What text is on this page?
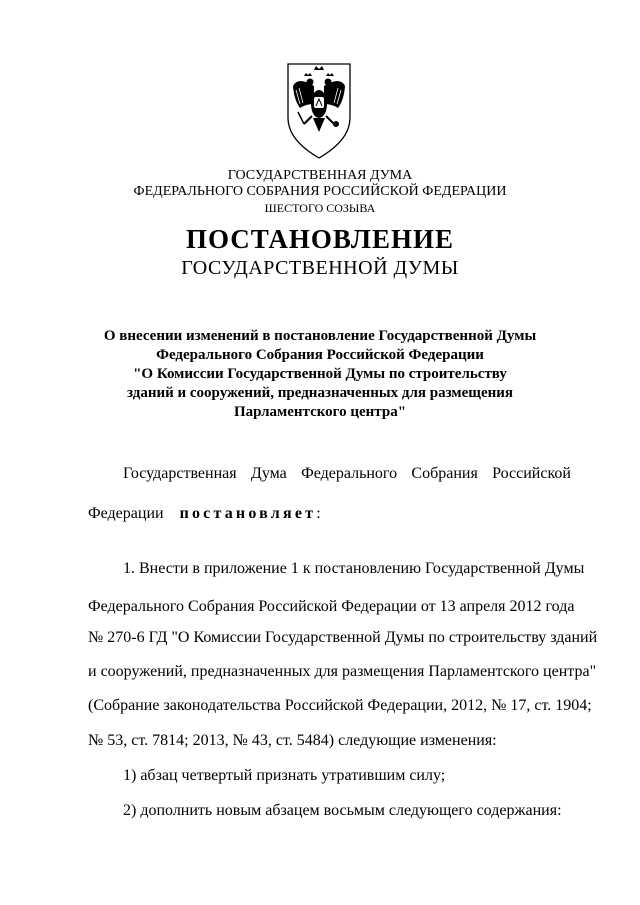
ГОСУДАРСТВЕННАЯ ДУМА
ФЕДЕРАЛЬНОГО СОБРАНИЯ РОССИЙСКОЙ ФЕДЕРАЦИИ
ШЕСТОГО СОЗЫВА
ПОСТАНОВЛЕНИЕ
ГОСУДАРСТВЕННОЙ ДУМЫ
О внесении изменений в постановление Государственной Думы
Федерального Собрания Российской Федерации
"О Комиссии Государственной Думы по строительству
зданий и сооружений, предназначенных для размещения
Парламентского центра"
Государственная Дума Федерального Собрания Российской
Федерации постановляет:
1. Внести в приложение 1 к постановлению Государственной Думы
Федерального Собрания Российской Федерации от 13 апреля 2012 года
№ 270-6 ГД "О Комиссии Государственной Думы по строительству зданий
и сооружений, предназначенных для размещения Парламентского центра"
(Собрание законодательства Российской Федерации, 2012, № 17, ст. 1904;
№ 53, ст. 7814; 2013, № 43, ст. 5484) следующие изменения:
1) абзац четвертый признать утратившим силу;
2) дополнить новым абзацем восьмым следующего содержания:
